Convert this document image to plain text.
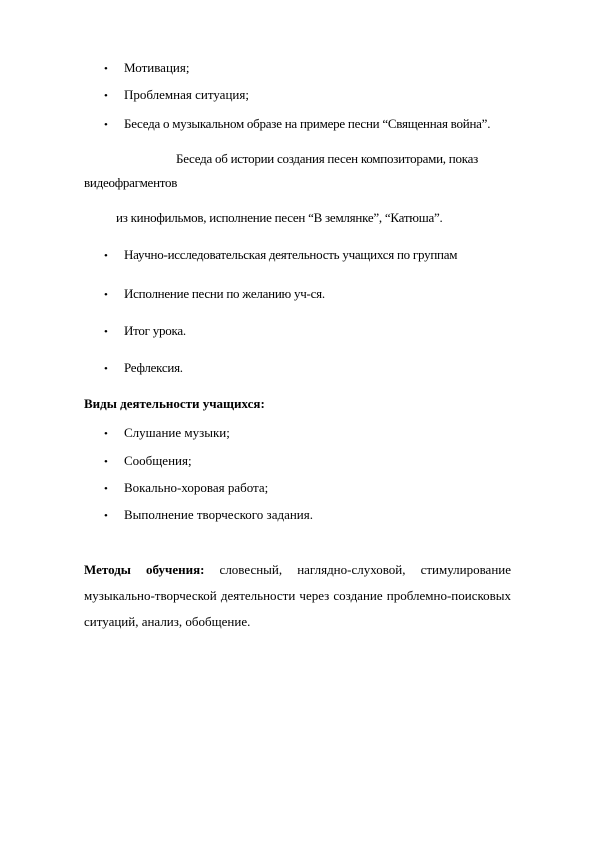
• Мотивация;
• Проблемная ситуация;
• Беседа о музыкальном образе на примере песни “Священная война”.
Беседа об истории создания песен композиторами, показ
видеофрагментов
из кинофильмов, исполнение песен “В землянке”, “Катюша”.
• Научно-исследовательская деятельность учащихся по группам
• Исполнение песни по желанию уч-ся.
• Итог урока.
• Рефлексия.
Виды деятельности учащихся:
• Слушание музыки;
• Сообщения;
• Вокально-хоровая работа;
• Выполнение творческого задания.
Методы обучения: словесный, наглядно-слуховой, стимулирование музыкально-творческой деятельности через создание проблемно-поисковых ситуаций, анализ, обобщение.
